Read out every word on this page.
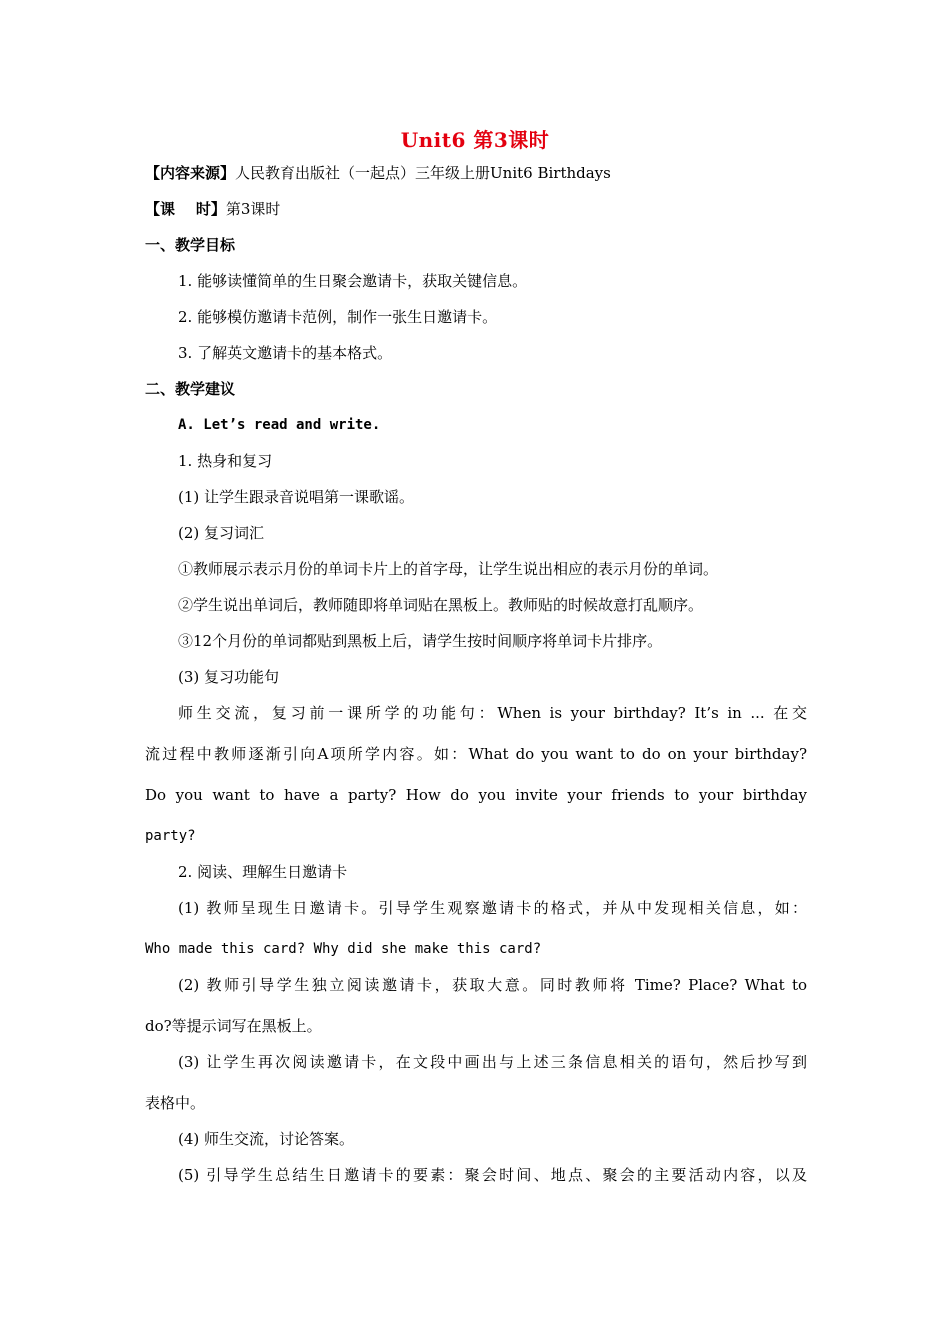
Unit6 第3课时
【内容来源】人民教育出版社（一起点）三年级上册Unit6 Birthdays
【课    时】第3课时
一、教学目标
1. 能够读懂简单的生日聚会邀请卡，获取关键信息。
2. 能够模仿邀请卡范例，制作一张生日邀请卡。
3. 了解英文邀请卡的基本格式。
二、教学建议
A. Let’s read and write.
1. 热身和复习
(1) 让学生跟录音说唱第一课歌谣。
(2) 复习词汇
①教师展示表示月份的单词卡片上的首字母，让学生说出相应的表示月份的单词。
②学生说出单词后，教师随即将单词贴在黑板上。教师贴的时候故意打乱顺序。
③12个月份的单词都贴到黑板上后，请学生按时间顺序将单词卡片排序。
(3) 复习功能句
师生交流，复习前一课所学的功能句：When is your birthday? It’s in ... 在交
流过程中教师逐渐引向A项所学内容。如：What do you want to do on your birthday?
Do you want to have a party? How do you invite your friends to your birthday
party?
2. 阅读、理解生日邀请卡
(1) 教师呈现生日邀请卡。引导学生观察邀请卡的格式，并从中发现相关信息，如：
Who made this card? Why did she make this card?
(2) 教师引导学生独立阅读邀请卡，获取大意。同时教师将 Time? Place? What to
do?等提示词写在黑板上。
(3) 让学生再次阅读邀请卡，在文段中画出与上述三条信息相关的语句，然后抄写到
表格中。
(4) 师生交流，讨论答案。
(5) 引导学生总结生日邀请卡的要素：聚会时间、地点、聚会的主要活动内容，以及
